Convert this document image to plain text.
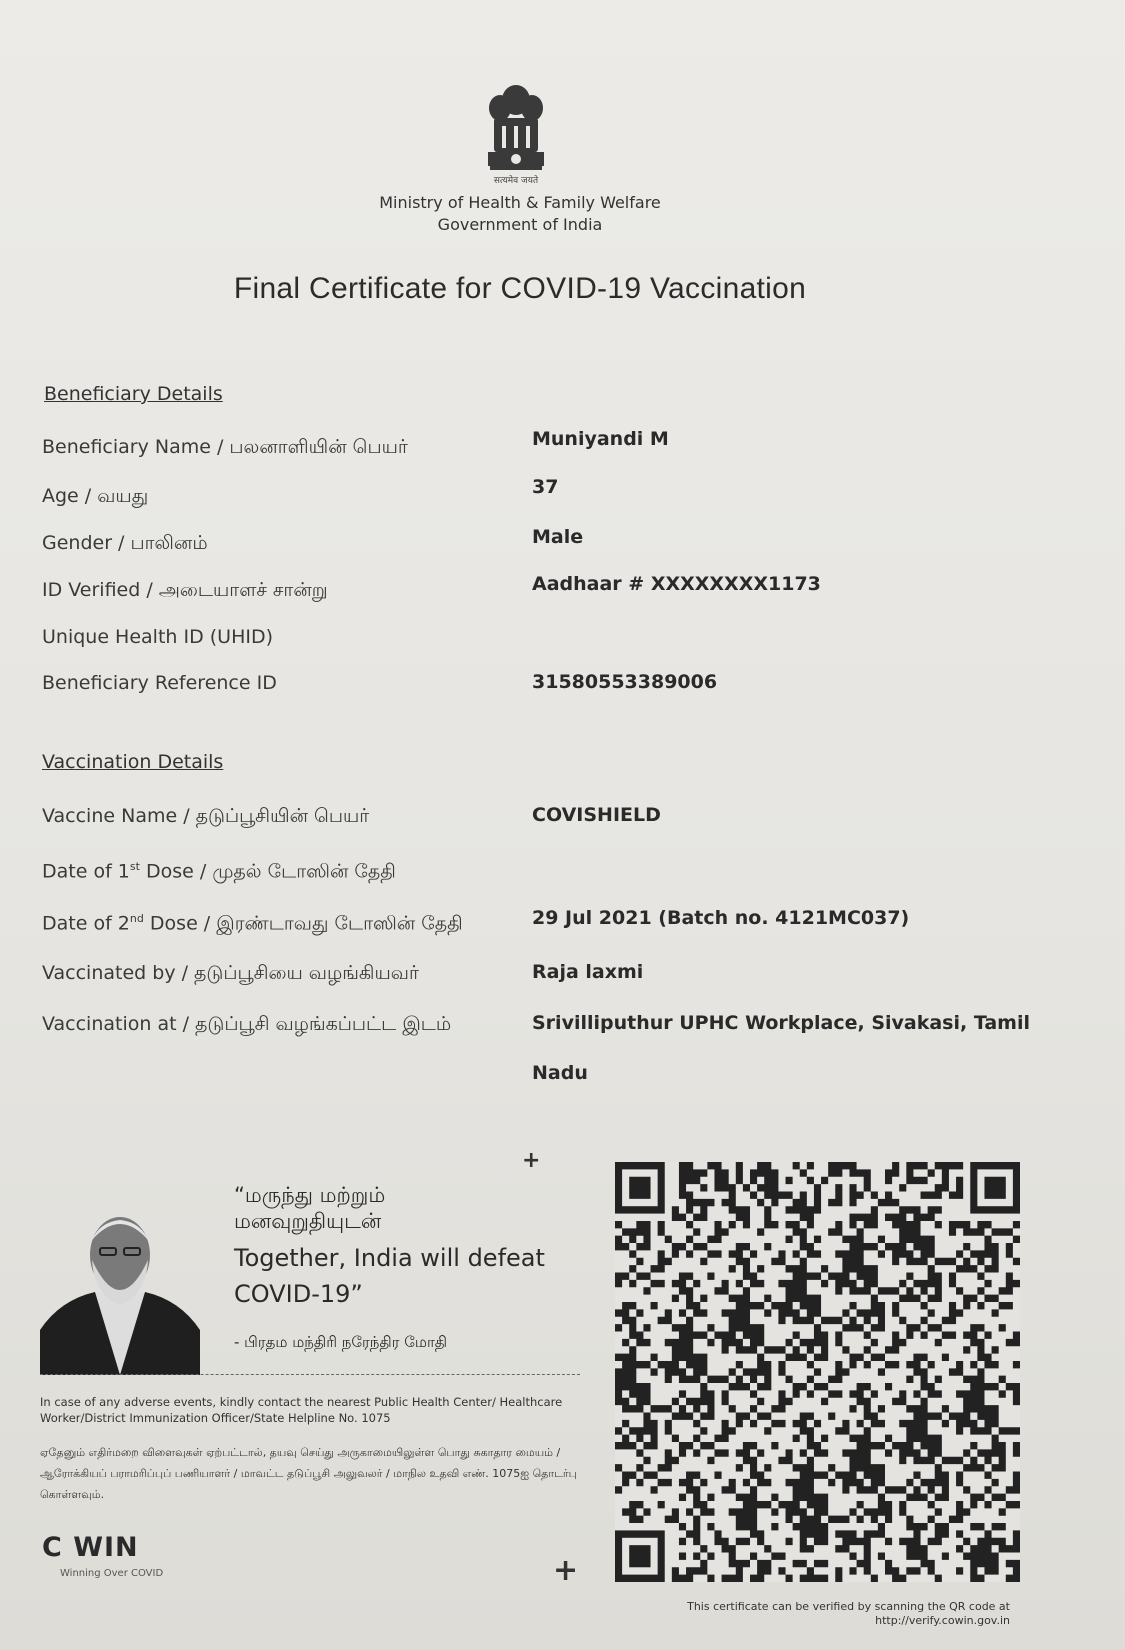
सत्यमेव जयते
Ministry of Health & Family Welfare
Government of India
Final Certificate for COVID-19 Vaccination
Beneficiary Details
Beneficiary Name / பலனாளியின் பெயர்	Muniyandi M
Age / வயது	37
Gender / பாலினம்	Male
ID Verified / அடையாளச் சான்று	Aadhaar # XXXXXXXX1173
Unique Health ID (UHID)
Beneficiary Reference ID	31580553389006
Vaccination Details
Vaccine Name / தடுப்பூசியின் பெயர்	COVISHIELD
Date of 1st Dose / முதல் டோஸின் தேதி
Date of 2nd Dose / இரண்டாவது டோஸின் தேதி	29 Jul 2021 (Batch no. 4121MC037)
Vaccinated by / தடுப்பூசியை வழங்கியவர்	Raja laxmi
Vaccination at / தடுப்பூசி வழங்கப்பட்ட இடம்	Srivilliputhur UPHC Workplace, Sivakasi, Tamil
Nadu
“மருந்து மற்றும்
மனவுறுதியுடன்
Together, India will defeat COVID-19”
- பிரதம மந்திரி நரேந்திர மோதி
In case of any adverse events, kindly contact the nearest Public Health Center/ Healthcare Worker/District Immunization Officer/State Helpline No. 1075
ஏதேனும் எதிர்மறை விளைவுகள் ஏற்பட்டால், தயவு செய்து அருகாமையிலுள்ள பொது சுகாதார மையம் / ஆரோக்கியப் பராமரிப்புப் பணியாளர் / மாவட்ட தடுப்பூசி அலுவலர் / மாநில உதவி எண். 1075ஐ தொடர்பு கொள்ளவும்.
C WIN
Winning Over COVID
+
+
This certificate can be verified by scanning the QR code at
http://verify.cowin.gov.in
